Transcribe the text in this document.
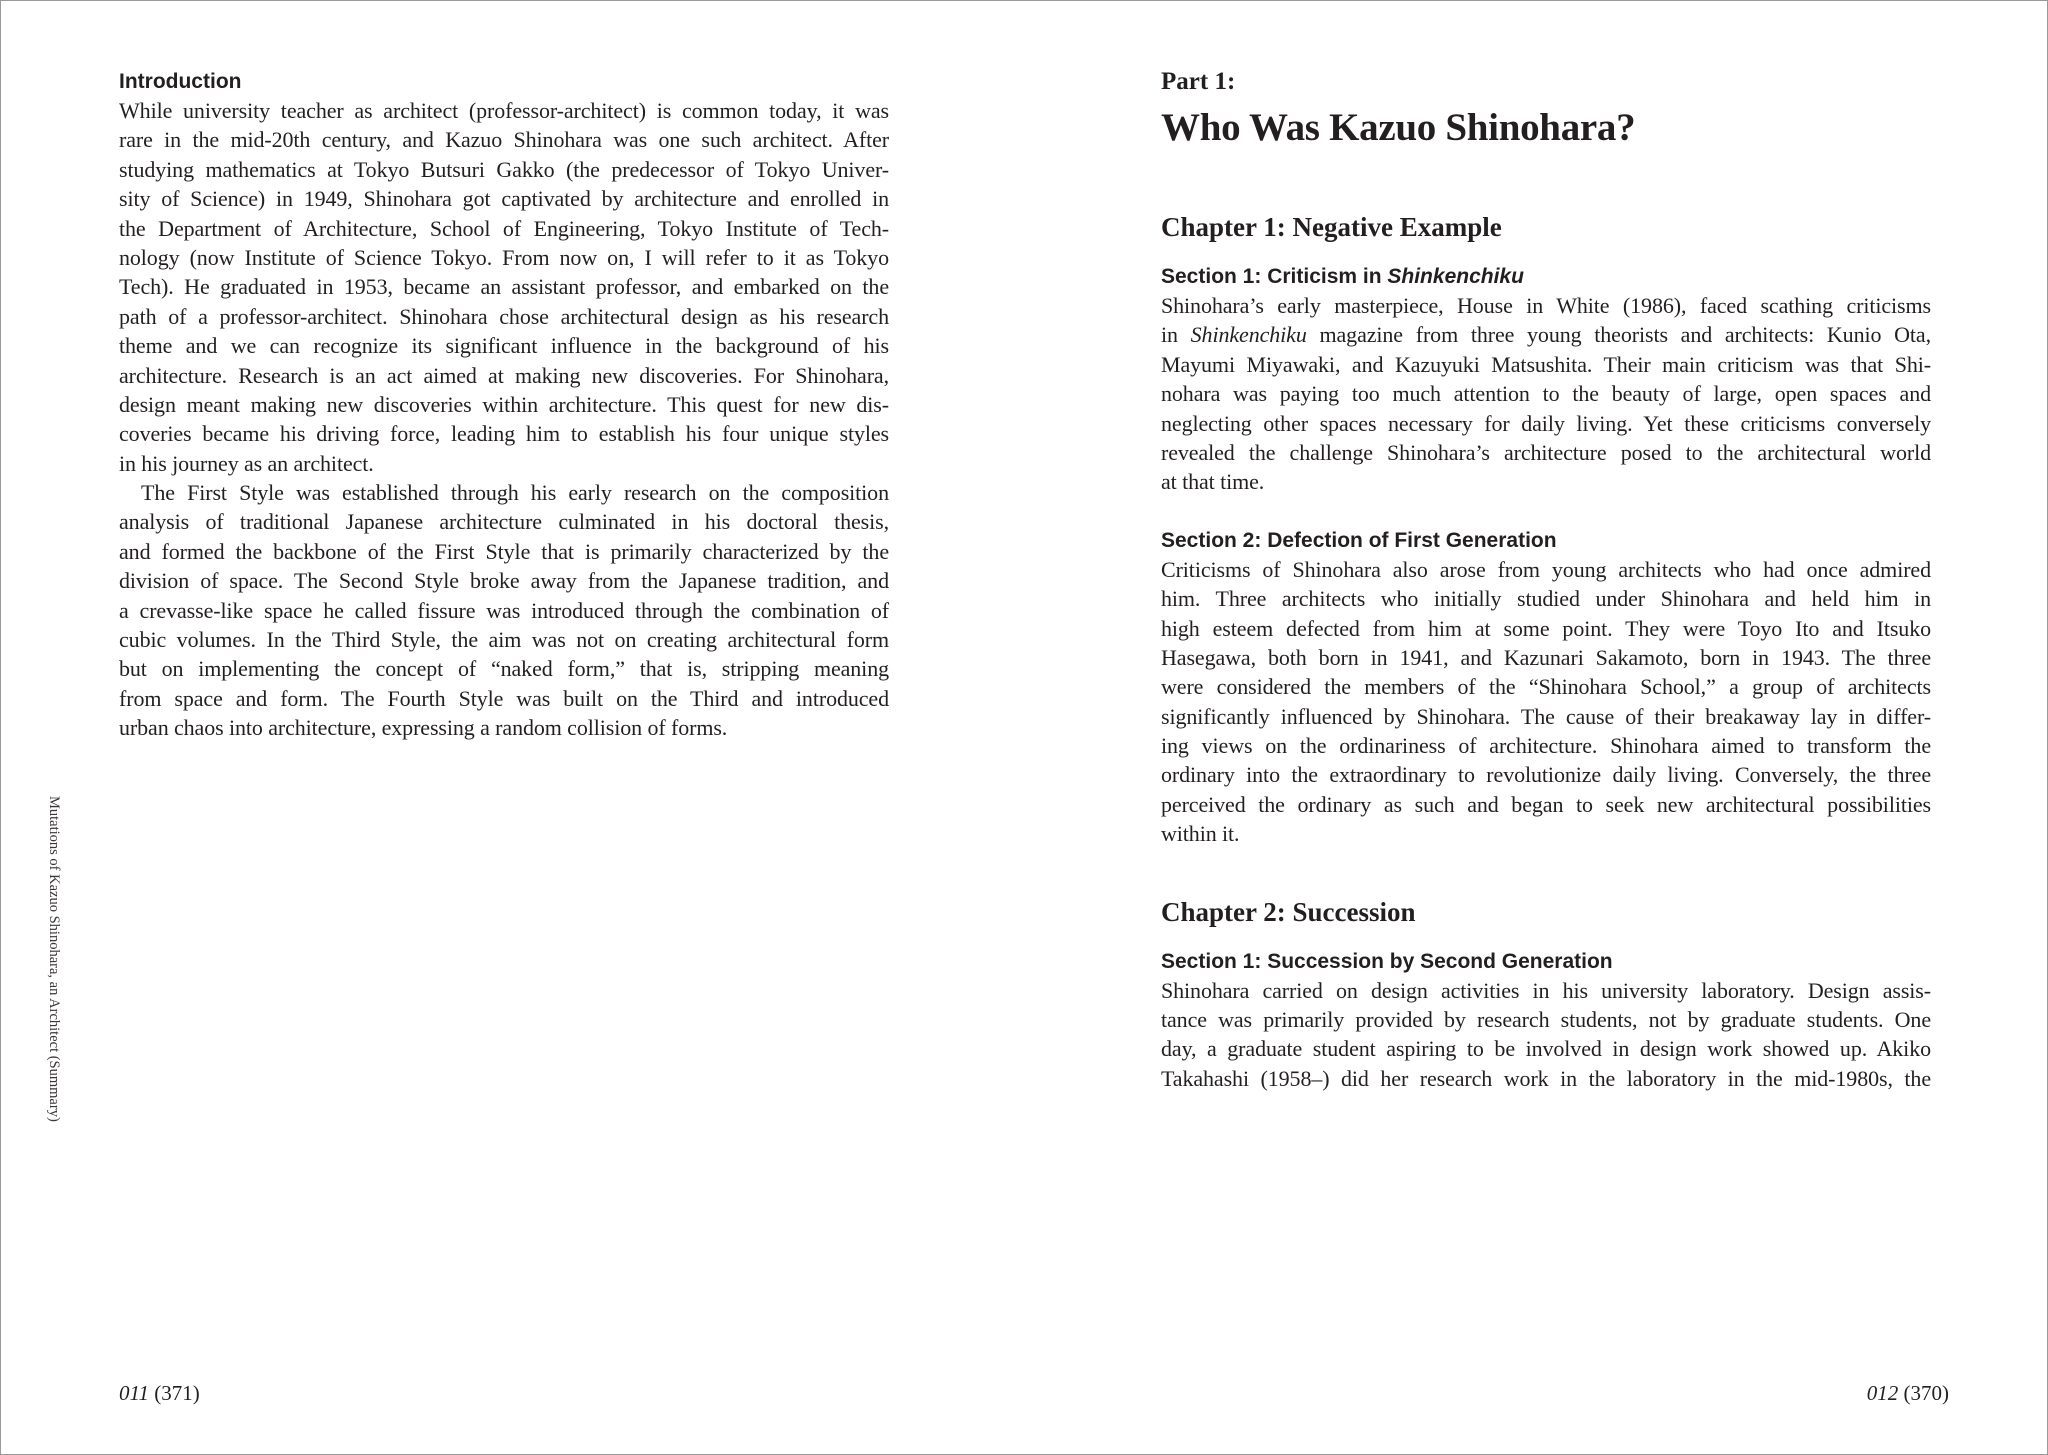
Mutations of Kazuo Shinohara, an Architect (Summary)
Introduction
While university teacher as architect (professor-architect) is common today, it was
rare in the mid-20th century, and Kazuo Shinohara was one such architect. After
studying mathematics at Tokyo Butsuri Gakko (the predecessor of Tokyo Univer-
sity of Science) in 1949, Shinohara got captivated by architecture and enrolled in
the Department of Architecture, School of Engineering, Tokyo Institute of Tech-
nology (now Institute of Science Tokyo. From now on, I will refer to it as Tokyo
Tech). He graduated in 1953, became an assistant professor, and embarked on the
path of a professor-architect. Shinohara chose architectural design as his research
theme and we can recognize its significant influence in the background of his
architecture. Research is an act aimed at making new discoveries. For Shinohara,
design meant making new discoveries within architecture. This quest for new dis-
coveries became his driving force, leading him to establish his four unique styles
in his journey as an architect.
The First Style was established through his early research on the composition
analysis of traditional Japanese architecture culminated in his doctoral thesis,
and formed the backbone of the First Style that is primarily characterized by the
division of space. The Second Style broke away from the Japanese tradition, and
a crevasse-like space he called fissure was introduced through the combination of
cubic volumes. In the Third Style, the aim was not on creating architectural form
but on implementing the concept of “naked form,” that is, stripping meaning
from space and form. The Fourth Style was built on the Third and introduced
urban chaos into architecture, expressing a random collision of forms.
011 (371)
Part 1:
Who Was Kazuo Shinohara?
Chapter 1: Negative Example
Section 1: Criticism in Shinkenchiku
Shinohara’s early masterpiece, House in White (1986), faced scathing criticisms
in Shinkenchiku magazine from three young theorists and architects: Kunio Ota,
Mayumi Miyawaki, and Kazuyuki Matsushita. Their main criticism was that Shi-
nohara was paying too much attention to the beauty of large, open spaces and
neglecting other spaces necessary for daily living. Yet these criticisms conversely
revealed the challenge Shinohara’s architecture posed to the architectural world
at that time.
Section 2: Defection of First Generation
Criticisms of Shinohara also arose from young architects who had once admired
him. Three architects who initially studied under Shinohara and held him in
high esteem defected from him at some point. They were Toyo Ito and Itsuko
Hasegawa, both born in 1941, and Kazunari Sakamoto, born in 1943. The three
were considered the members of the “Shinohara School,” a group of architects
significantly influenced by Shinohara. The cause of their breakaway lay in differ-
ing views on the ordinariness of architecture. Shinohara aimed to transform the
ordinary into the extraordinary to revolutionize daily living. Conversely, the three
perceived the ordinary as such and began to seek new architectural possibilities
within it.
Chapter 2: Succession
Section 1: Succession by Second Generation
Shinohara carried on design activities in his university laboratory. Design assis-
tance was primarily provided by research students, not by graduate students. One
day, a graduate student aspiring to be involved in design work showed up. Akiko
Takahashi (1958–) did her research work in the laboratory in the mid-1980s, the
012 (370)
